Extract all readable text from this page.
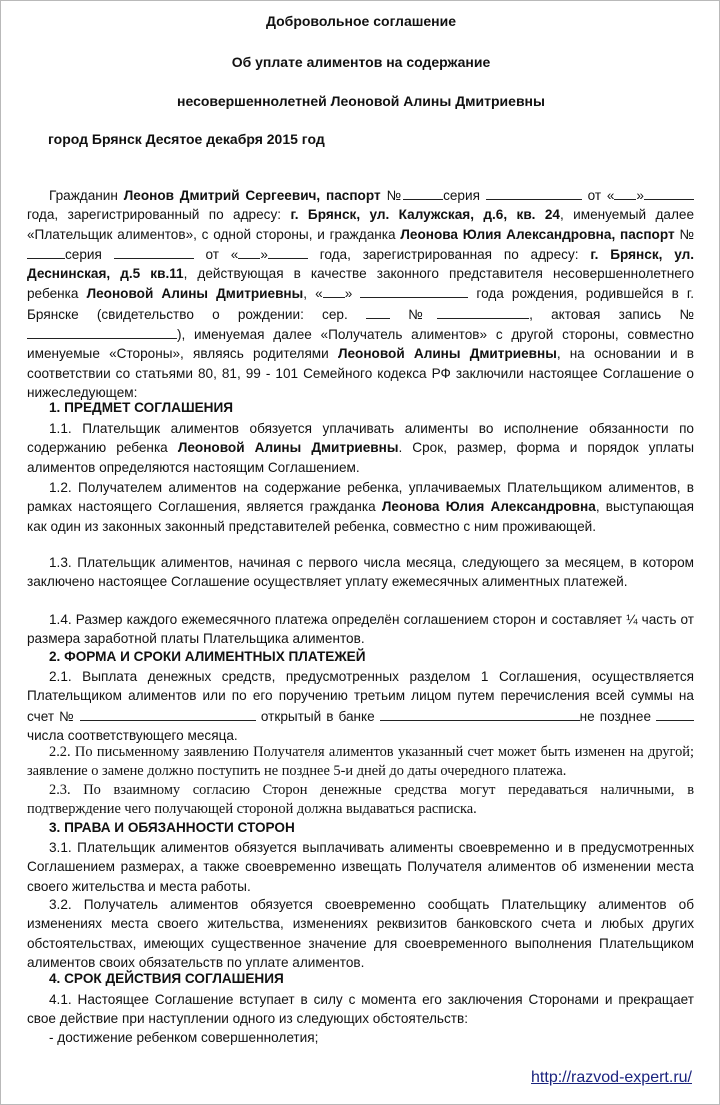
Добровольное соглашение
Об уплате алиментов на содержание
несовершеннолетней Леоновой Алины Дмитриевны
город Брянск Десятое декабря 2015 год

Гражданин Леонов Дмитрий Сергеевич, паспорт №	серия	от « » года, зарегистрированный по адресу: г. Брянск, ул. Калужская, д.6, кв. 24, именуемый далее «Плательщик алиментов», с одной стороны, и гражданка Леонова Юлия Александровна, паспорт №серия	от « »	года, зарегистрированная по адресу: г. Брянск, ул. Деснинская, д.5 кв.11, действующая в качестве законного представителя несовершеннолетнего ребенка Леоновой Алины Дмитриевны, « »	года рождения, родившейся в г. Брянске (свидетельство о рождении: сер.  №	, актовая запись № ), именуемая далее «Получатель алиментов» с другой стороны, совместно именуемые «Стороны», являясь родителями Леоновой Алины Дмитриевны, на основании и в соответствии со статьями 80, 81, 99 - 101 Семейного кодекса РФ заключили настоящее Соглашение о нижеследующем:

1. ПРЕДМЕТ СОГЛАШЕНИЯ

1.1. Плательщик алиментов обязуется уплачивать алименты во исполнение обязанности по содержанию ребенка Леоновой Алины Дмитриевны. Срок, размер, форма и порядок уплаты алиментов определяются настоящим Соглашением.

1.2. Получателем алиментов на содержание ребенка, уплачиваемых Плательщиком алиментов, в рамках настоящего Соглашения, является гражданка Леонова Юлия Александровна, выступающая как один из законных законный представителей ребенка, совместно с ним проживающей.

1.3. Плательщик алиментов, начиная с первого числа месяца, следующего за месяцем, в котором заключено настоящее Соглашение осуществляет уплату ежемесячных алиментных платежей.

1.4. Размер каждого ежемесячного платежа определён соглашением сторон и составляет ¼ часть от размера заработной платы Плательщика алиментов.

2. ФОРМА И СРОКИ АЛИМЕНТНЫХ ПЛАТЕЖЕЙ

2.1. Выплата денежных средств, предусмотренных разделом 1 Соглашения, осуществляется Плательщиком алиментов или по его поручению третьим лицом путем перечисления всей суммы на счет №	открытый в банке	не позднее  числа соответствующего месяца.

2.2. По письменному заявлению Получателя алиментов указанный счет может быть изменен на другой; заявление о замене должно поступить не позднее 5-и дней до даты очередного платежа.

2.3. По взаимному согласию Сторон денежные средства могут передаваться наличными, в подтверждение чего получающей стороной должна выдаваться расписка.

3. ПРАВА И ОБЯЗАННОСТИ СТОРОН

3.1. Плательщик алиментов обязуется выплачивать алименты своевременно и в предусмотренных Соглашением размерах, а также своевременно извещать Получателя алиментов об изменении места своего жительства и места работы.

3.2. Получатель алиментов обязуется своевременно сообщать Плательщику алиментов об изменениях места своего жительства, изменениях реквизитов банковского счета и любых других обстоятельствах, имеющих существенное значение для своевременного выполнения Плательщиком алиментов своих обязательств по уплате алиментов.

4. СРОК ДЕЙСТВИЯ СОГЛАШЕНИЯ

4.1. Настоящее Соглашение вступает в силу с момента его заключения Сторонами и прекращает свое действие при наступлении одного из следующих обстоятельств:

- достижение ребенком совершеннолетия;

http://razvod-expert.ru/
